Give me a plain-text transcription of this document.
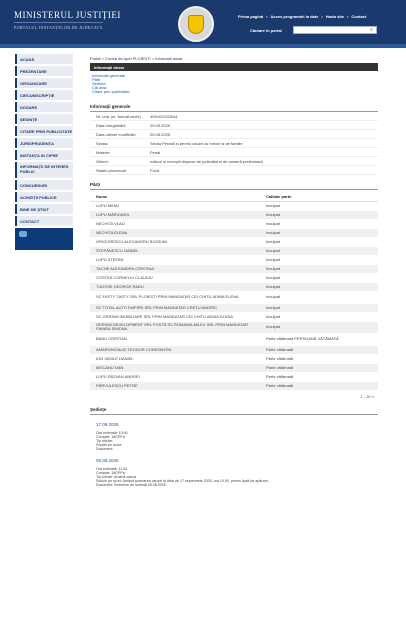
MINISTERUL JUSTIȚIEI
PORTALUL INSTANȚELOR DE JUDECATĂ
Prima pagină • Acces programări la date • Harta site • Contact
Căutare în portal	⌕
ACASĂ
PREZENTARE
ORGANIZARE
CIRCUMSCRIPȚIE
DOSARE
ȘEDINȚE
CITARE PRIN PUBLICITATE
JURISPRUDENȚA
INSTANȚA IN CIFRE
INFORMAȚII DE INTERES PUBLIC
CONCURSURI
ACHIZIȚII PUBLICE
BINE DE ȘTIUT
CONTACT
Portal > Curtea de Apel PLOIEȘTI > Informații dosar
Informații dosar
Informații generale
Părți
Ședințe
Căi atac
Citare prin publicitate
Informații generale
Nr. unic (nr. format vechi) :	409/42/2025/a1
Data înregistrării	29.05.2025
Data ultimei modificări:	05.08.2025
Secția:	Secția Penală și pentru cauze cu minori și de familie
Materie:	Penal
Obiect:	măsuri și excepții dispuse de judecătorul de cameră preliminară
Stadiu procesual:	Fond
Părți
Nume	Calitate parte
LUPU MIHAI	Inculpat
LUPU MĂRIOARA	Inculpat
NECHITA VLAD	Inculpat
NECHITA ELENA	Inculpat
GRIGORESCU ALEXANDRU BOGDAN	Inculpat
STEFĂNESCU DANIEL	Inculpat
LUPU ȘTEFAN	Inculpat
TACHE ALEXANDRA CRISTINA	Inculpat
COSTEA CORNELIU CLAUDIU	Inculpat
TUDOSE GEORGE RADU	Inculpat
SC FASTY TASTY SRL PLOIEȘTI PRIN MANDATAR CEI CHITU ADINA ELENA	Inculpat
SC TOTAL AUTO EMPIRE SRL PRIN MANDATAR CREȚU ANDREI	Inculpat
SC GERSIM IMOBILIARE SRL PRIN MANDATAR CEI CHITU ADINA ELENA	Inculpat
GERSIM DEVELOPMENT SRL FOSTĂ SC ROMANIA MILEX SRL PRIN MANDATAR PIANEA SIMONA	Inculpat
BANU CRISTIAN	Parte vătămată PERSOANĂ VĂTĂMATĂ
AMARGHIOALEI TEODOR CONSTANTIN	Parte vătămată
ION VASILE DANIEL	Parte vătămată
MOCANU DAN	Parte vătămată
LUPU RĂZVAN ANDREI	Parte vătămată
PĂRVULESCU PETRE	Parte vătămată
1 - 20 »
Ședințe
17.09.2025
Ora estimată: 10:00
Complet: 18CPPa
Tip soluție:
Soluție pe scurt:
Document:
05.08.2025
Ora estimată: 11:00
Complet: 18CPPa
Tip soluție: Amână cauza
Soluție pe scurt: Amână judecarea cauzei la data de 17 septembrie 2025, ora 10,00, pentru lipsă de apărare.
Document: Încheiere de ședință 05.08.2025
